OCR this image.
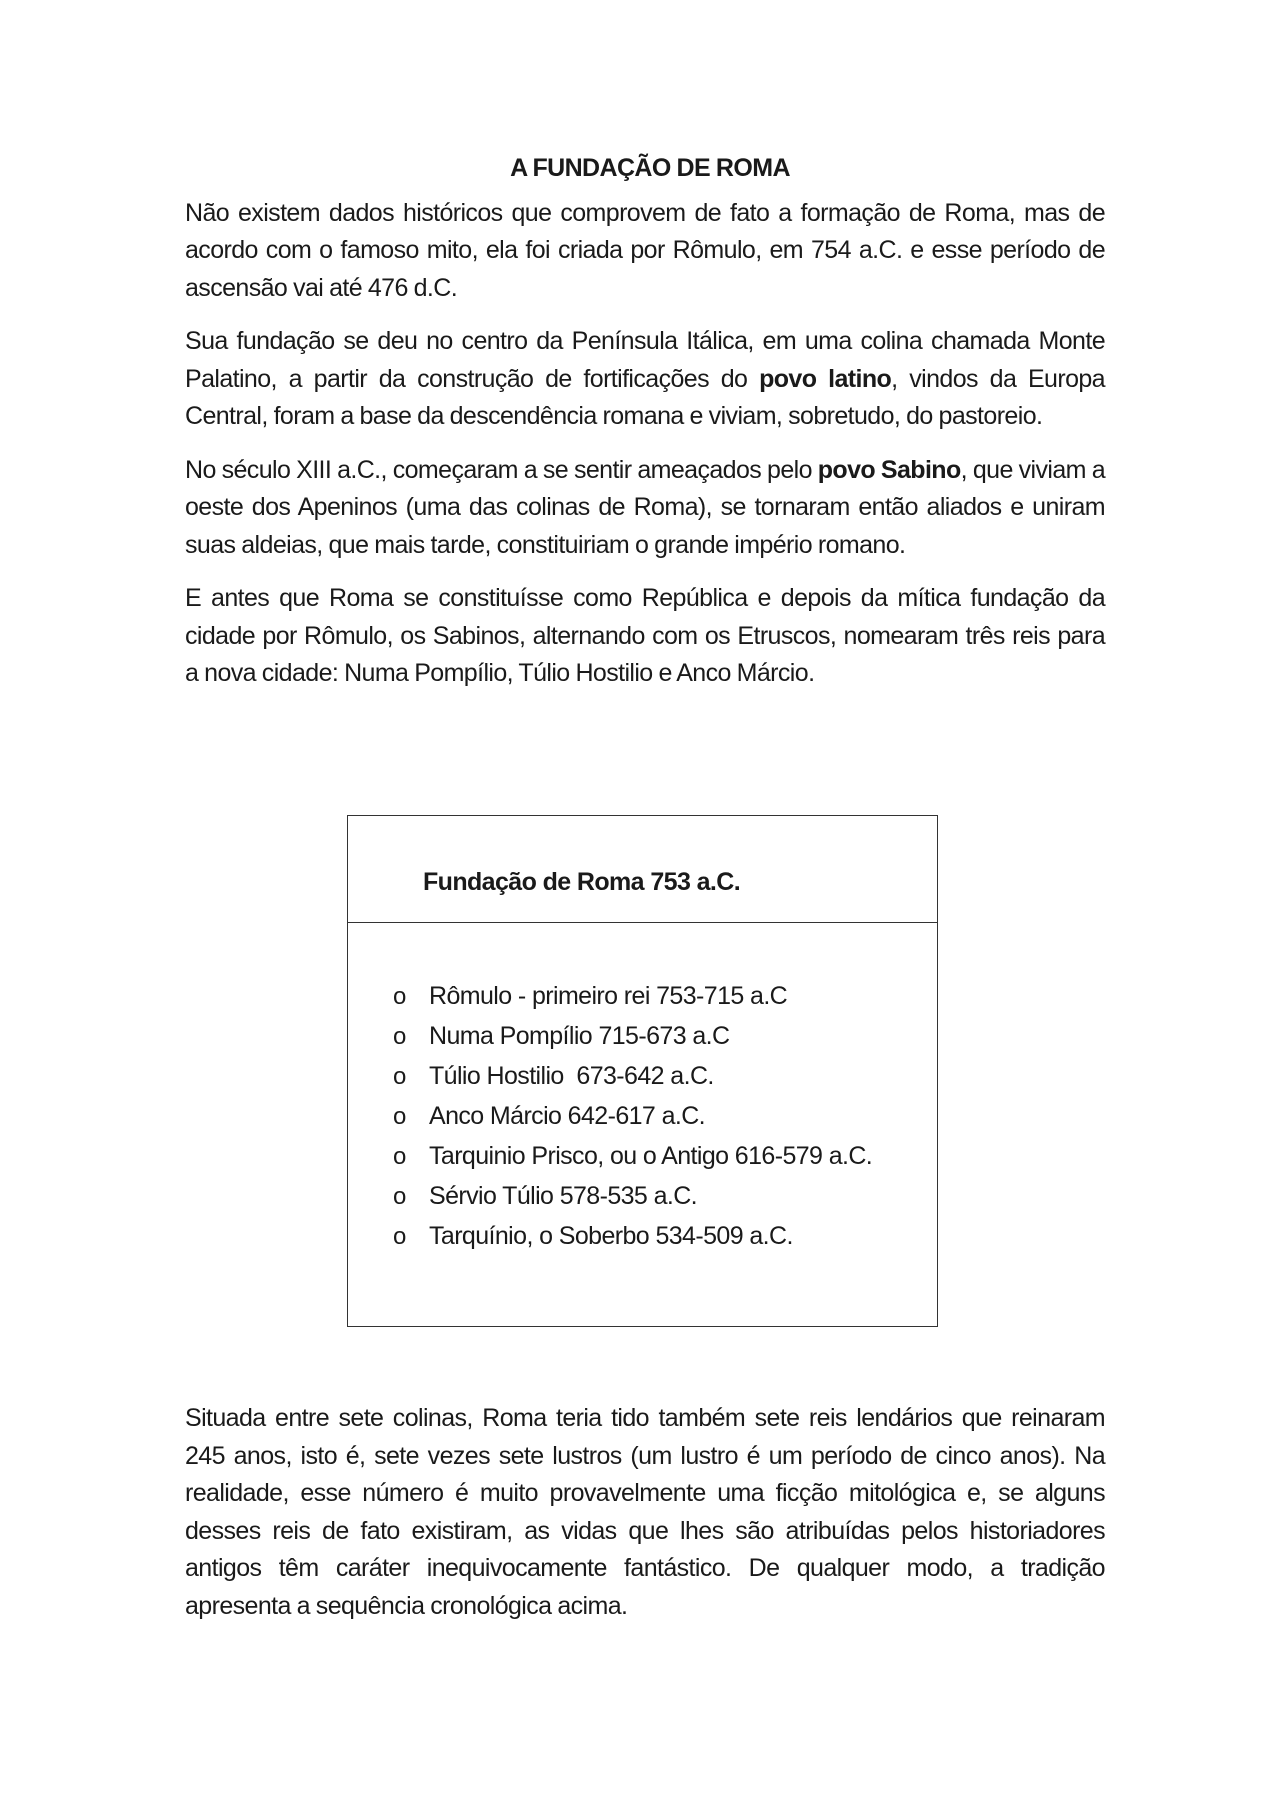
A FUNDAÇÃO DE ROMA

Não existem dados históricos que comprovem de fato a formação de Roma, mas de acordo com o famoso mito, ela foi criada por Rômulo, em 754 a.C. e esse período de ascensão vai até 476 d.C.

Sua fundação se deu no centro da Península Itálica, em uma colina chamada Monte Palatino, a partir da construção de fortificações do povo latino, vindos da Europa Central, foram a base da descendência romana e viviam, sobretudo, do pastoreio.

No século XIII a.C., começaram a se sentir ameaçados pelo povo Sabino, que viviam a oeste dos Apeninos (uma das colinas de Roma), se tornaram então aliados e uniram suas aldeias, que mais tarde, constituiriam o grande império romano.

E antes que Roma se constituísse como República e depois da mítica fundação da cidade por Rômulo, os Sabinos, alternando com os Etruscos, nomearam três reis para a nova cidade: Numa Pompílio, Túlio Hostilio e Anco Márcio.

Fundação de Roma 753 a.C.
o Rômulo - primeiro rei 753-715 a.C
o Numa Pompílio 715-673 a.C
o Túlio Hostilio  673-642 a.C.
o Anco Márcio 642-617 a.C.
o Tarquinio Prisco, ou o Antigo 616-579 a.C.
o Sérvio Túlio 578-535 a.C.
o Tarquínio, o Soberbo 534-509 a.C.

Situada entre sete colinas, Roma teria tido também sete reis lendários que reinaram 245 anos, isto é, sete vezes sete lustros (um lustro é um período de cinco anos). Na realidade, esse número é muito provavelmente uma ficção mitológica e, se alguns desses reis de fato existiram, as vidas que lhes são atribuídas pelos historiadores antigos têm caráter inequivocamente fantástico. De qualquer modo, a tradição apresenta a sequência cronológica acima.
